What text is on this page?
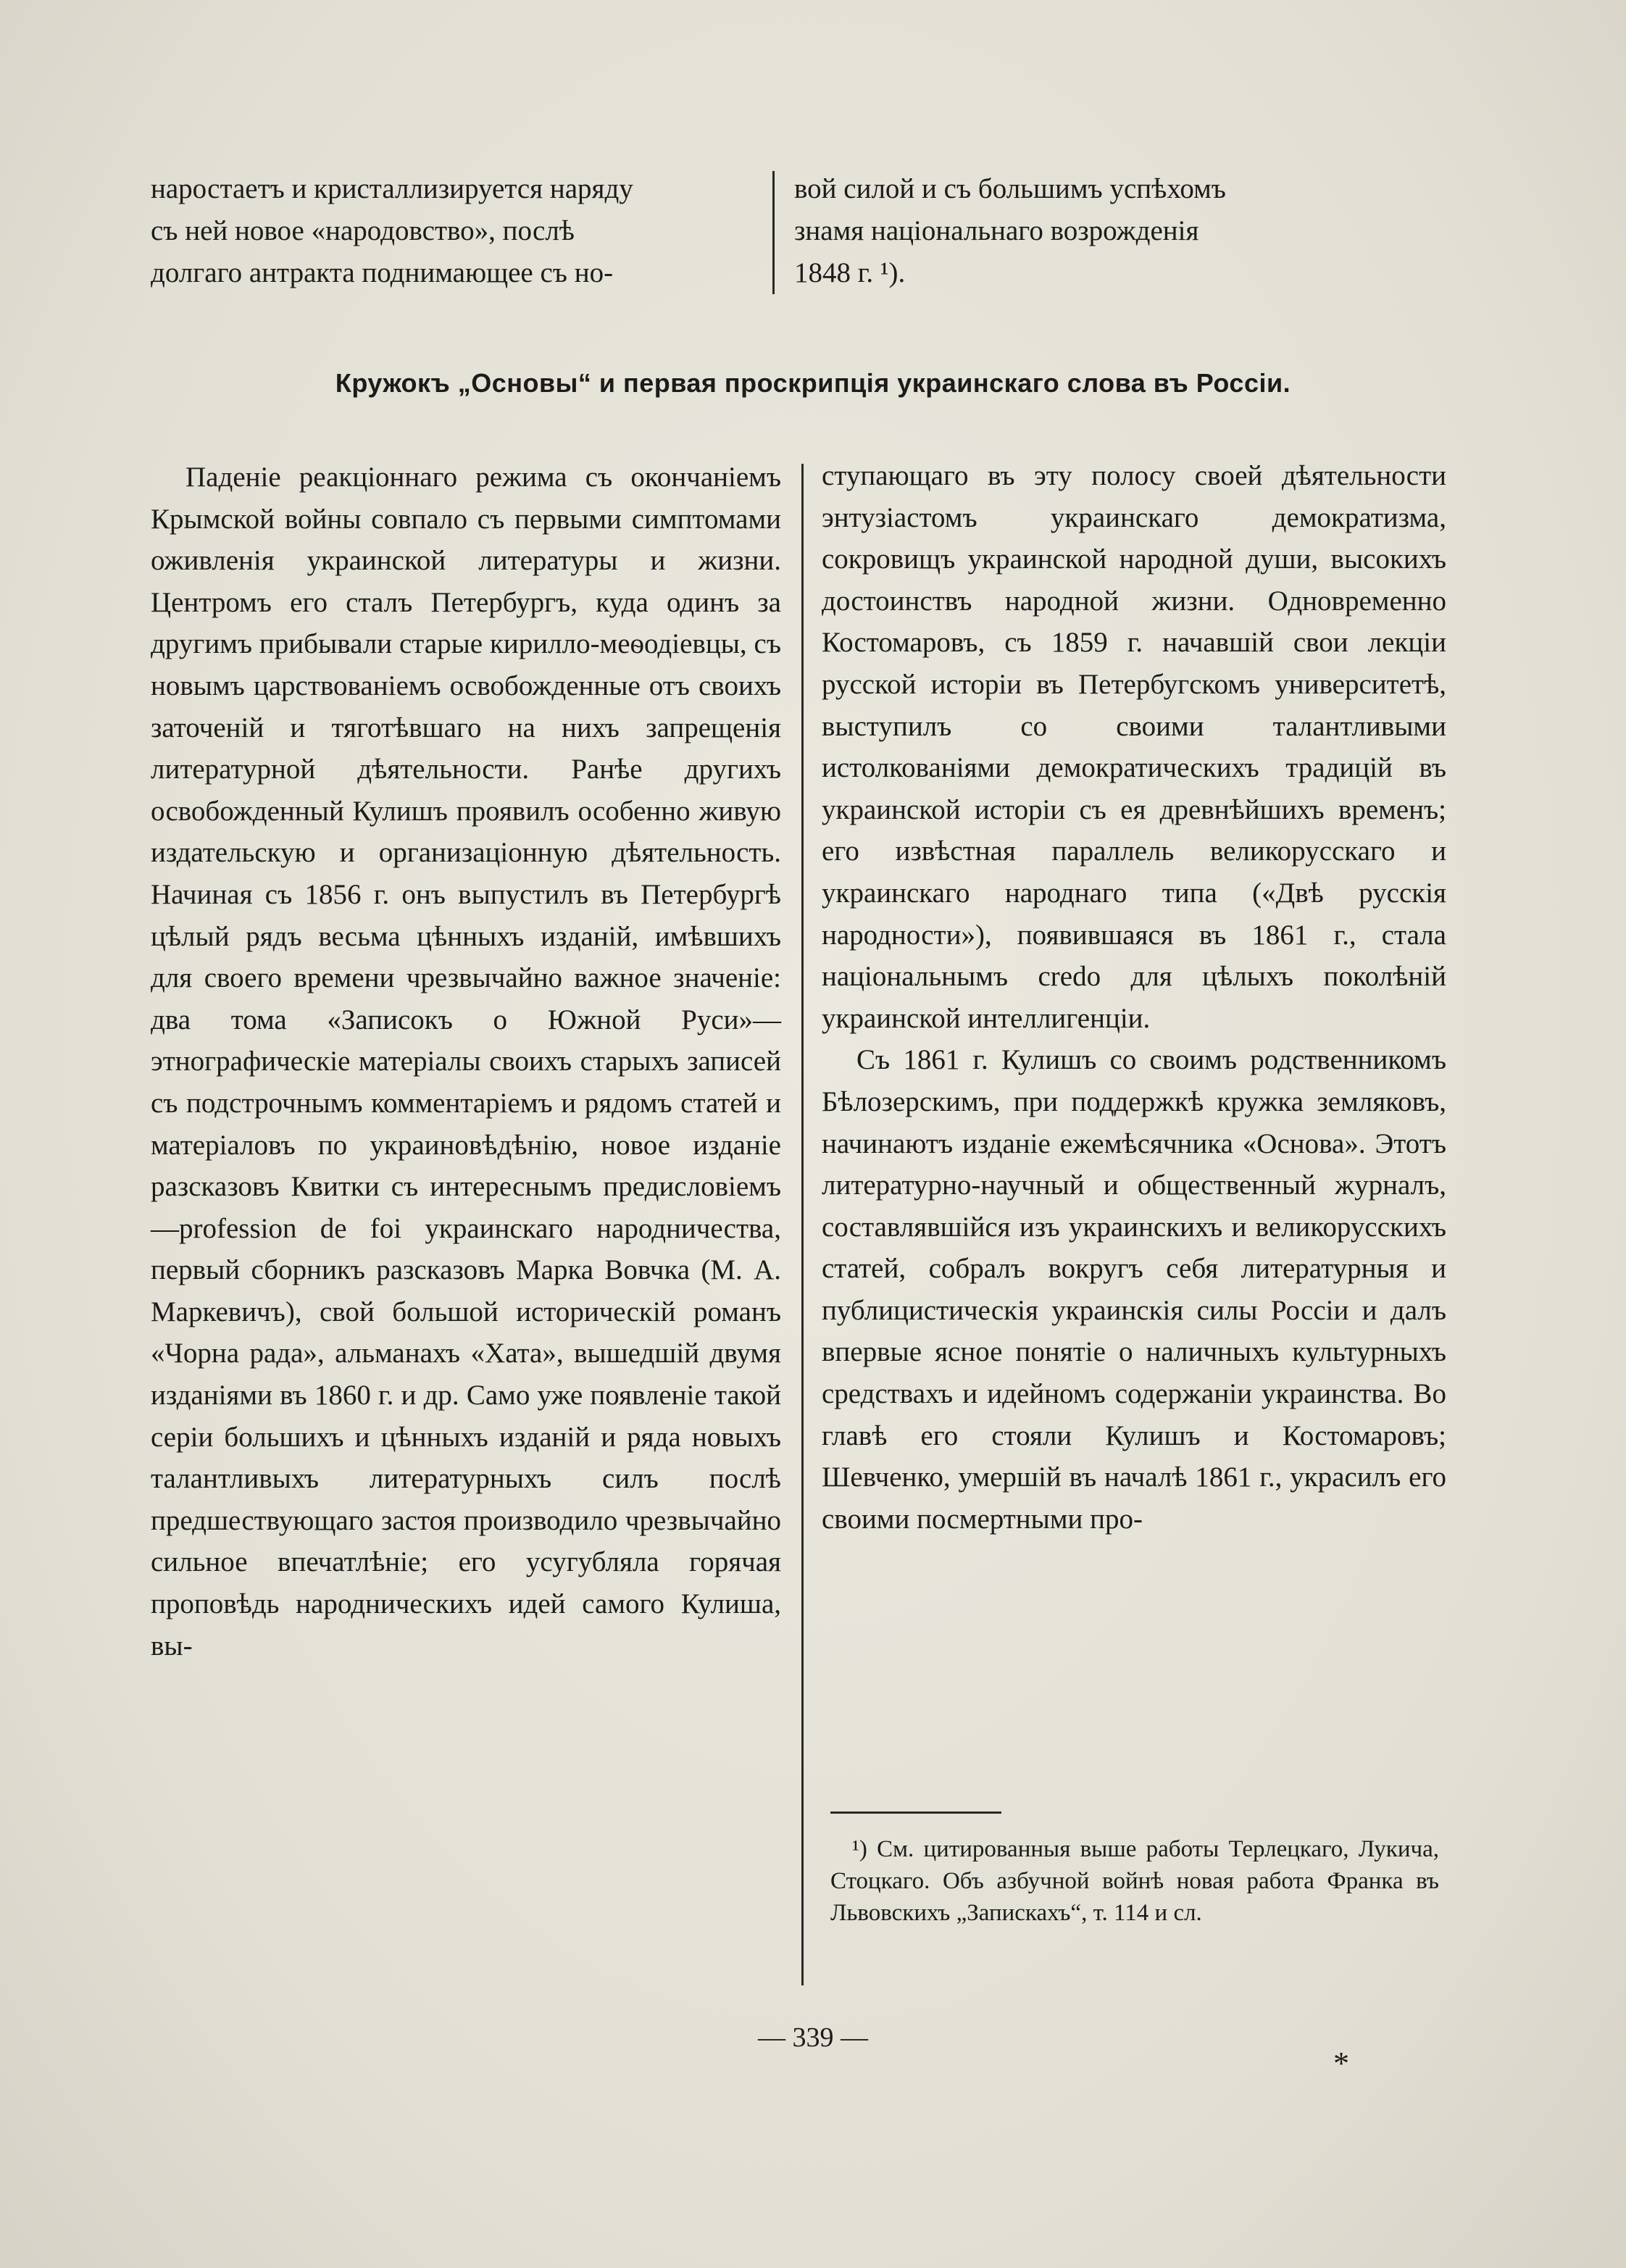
наростаетъ и кристаллизируется наряду
съ ней новое «народовство», послѣ
долгаго антракта поднимающее съ но-
вой силой и съ большимъ успѣхомъ
знамя національнаго возрожденія
1848 г. ¹).
Кружокъ „Основы“ и первая проскрипція украинскаго слова въ Россіи.

Паденіе реакціоннаго режима съ окончаніемъ Крымской войны совпало съ первыми симптомами оживленія украинской литературы и жизни. Центромъ его сталъ Петербургъ, куда одинъ за другимъ прибывали старые кирилло-меѳодіевцы, съ новымъ царствованіемъ освобожденные отъ своихъ заточеній и тяготѣвшаго на нихъ запрещенія литературной дѣятельности. Ранѣе другихъ освобожденный Кулишъ проявилъ особенно живую издательскую и организаціонную дѣятельность. Начиная съ 1856 г. онъ выпустилъ въ Петербургѣ цѣлый рядъ весьма цѣнныхъ изданій, имѣвшихъ для своего времени чрезвычайно важное значеніе: два тома «Записокъ о Южной Руси»—этнографическіе матеріалы своихъ старыхъ записей съ подстрочнымъ комментаріемъ и рядомъ статей и матеріаловъ по украиновѣдѣнію, новое изданіе разсказовъ Квитки съ интереснымъ предисловіемъ—profession de foi украинскаго народничества, первый сборникъ разсказовъ Марка Вовчка (М. А. Маркевичъ), свой большой историческій романъ «Чорна рада», альманахъ «Хата», вышедшій двумя изданіями въ 1860 г. и др. Само уже появленіе такой серіи большихъ и цѣнныхъ изданій и ряда новыхъ талантливыхъ литературныхъ силъ послѣ предшествующаго застоя производило чрезвычайно сильное впечатлѣніе; его усугубляла горячая проповѣдь народническихъ идей самого Кулиша, вы-

ступающаго въ эту полосу своей дѣятельности энтузіастомъ украинскаго демократизма, сокровищъ украинской народной души, высокихъ достоинствъ народной жизни. Одновременно Костомаровъ, съ 1859 г. начавшій свои лекціи русской исторіи въ Петербугскомъ университетѣ, выступилъ со своими талантливыми истолкованіями демократическихъ традицій въ украинской исторіи съ ея древнѣйшихъ временъ; его извѣстная параллель великорусскаго и украинскаго народнаго типа («Двѣ русскія народности»), появившаяся въ 1861 г., стала національнымъ credo для цѣлыхъ поколѣній украинской интеллигенціи.

Съ 1861 г. Кулишъ со своимъ родственникомъ Бѣлозерскимъ, при поддержкѣ кружка земляковъ, начинаютъ изданіе ежемѣсячника «Основа». Этотъ литературно-научный и общественный журналъ, составлявшійся изъ украинскихъ и великорусскихъ статей, собралъ вокругъ себя литературныя и публицистическія украинскія силы Россіи и далъ впервые ясное понятіе о наличныхъ культурныхъ средствахъ и идейномъ содержаніи украинства. Во главѣ его стояли Кулишъ и Костомаровъ; Шевченко, умершій въ началѣ 1861 г., украсилъ его своими посмертными про-

¹) См. цитированныя выше работы Терлецкаго, Лукича, Стоцкаго. Объ азбучной войнѣ новая работа Франка въ Львовскихъ „Запискахъ“, т. 114 и сл.

— 339 —
*
